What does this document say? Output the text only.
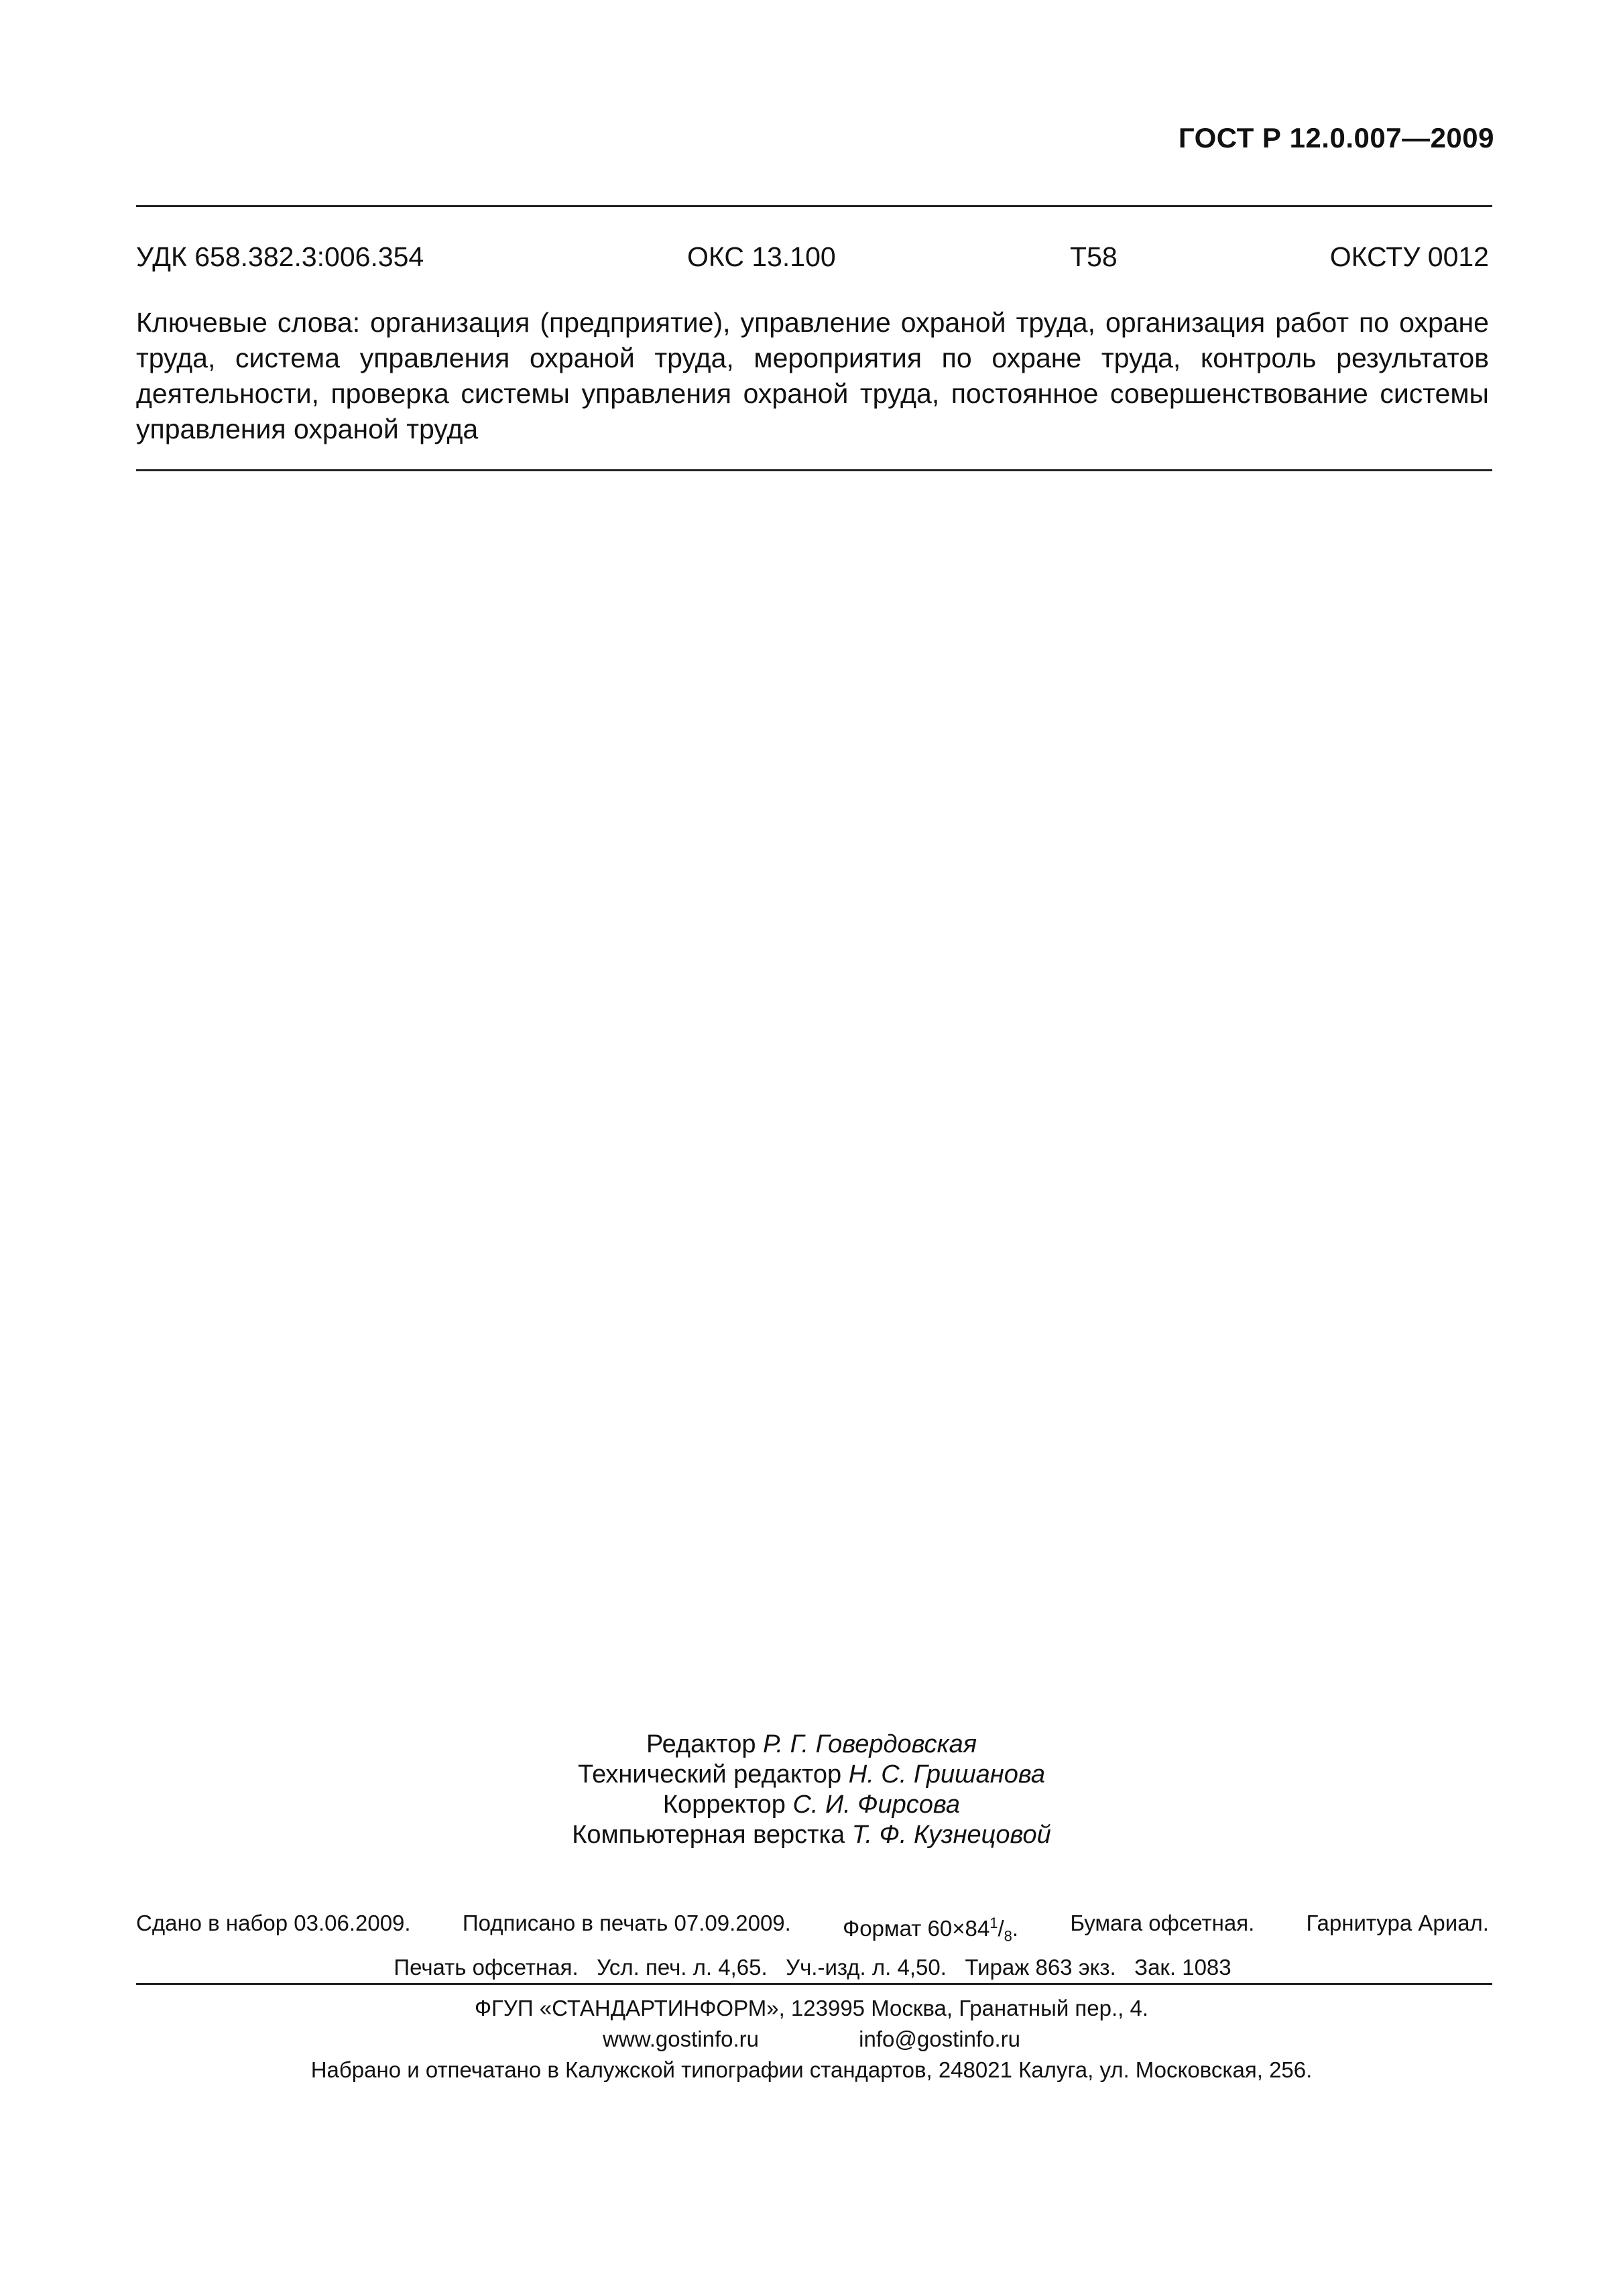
ГОСТ Р 12.0.007—2009
УДК 658.382.3:006.354	ОКС 13.100	Т58	ОКСТУ 0012
Ключевые слова: организация (предприятие), управление охраной труда, организация работ по охране труда, система управления охраной труда, мероприятия по охране труда, контроль результатов деятельности, проверка системы управления охраной труда, постоянное совершенствование системы управления охраной труда
Редактор Р. Г. Говердовская
Технический редактор Н. С. Гришанова
Корректор С. И. Фирсова
Компьютерная верстка Т. Ф. Кузнецовой
Сдано в набор 03.06.2009. Подписано в печать 07.09.2009. Формат $60\times 84^1/_8$. Бумага офсетная. Гарнитура Ариал.
Печать офсетная.   Усл. печ. л. 4,65.   Уч.-изд. л. 4,50.   Тираж 863 экз.   Зак. 1083
ФГУП «СТАНДАРТИНФОРМ», 123995 Москва, Гранатный пер., 4.
www.gostinfo.ru	info@gostinfo.ru
Набрано и отпечатано в Калужской типографии стандартов, 248021 Калуга, ул. Московская, 256.
